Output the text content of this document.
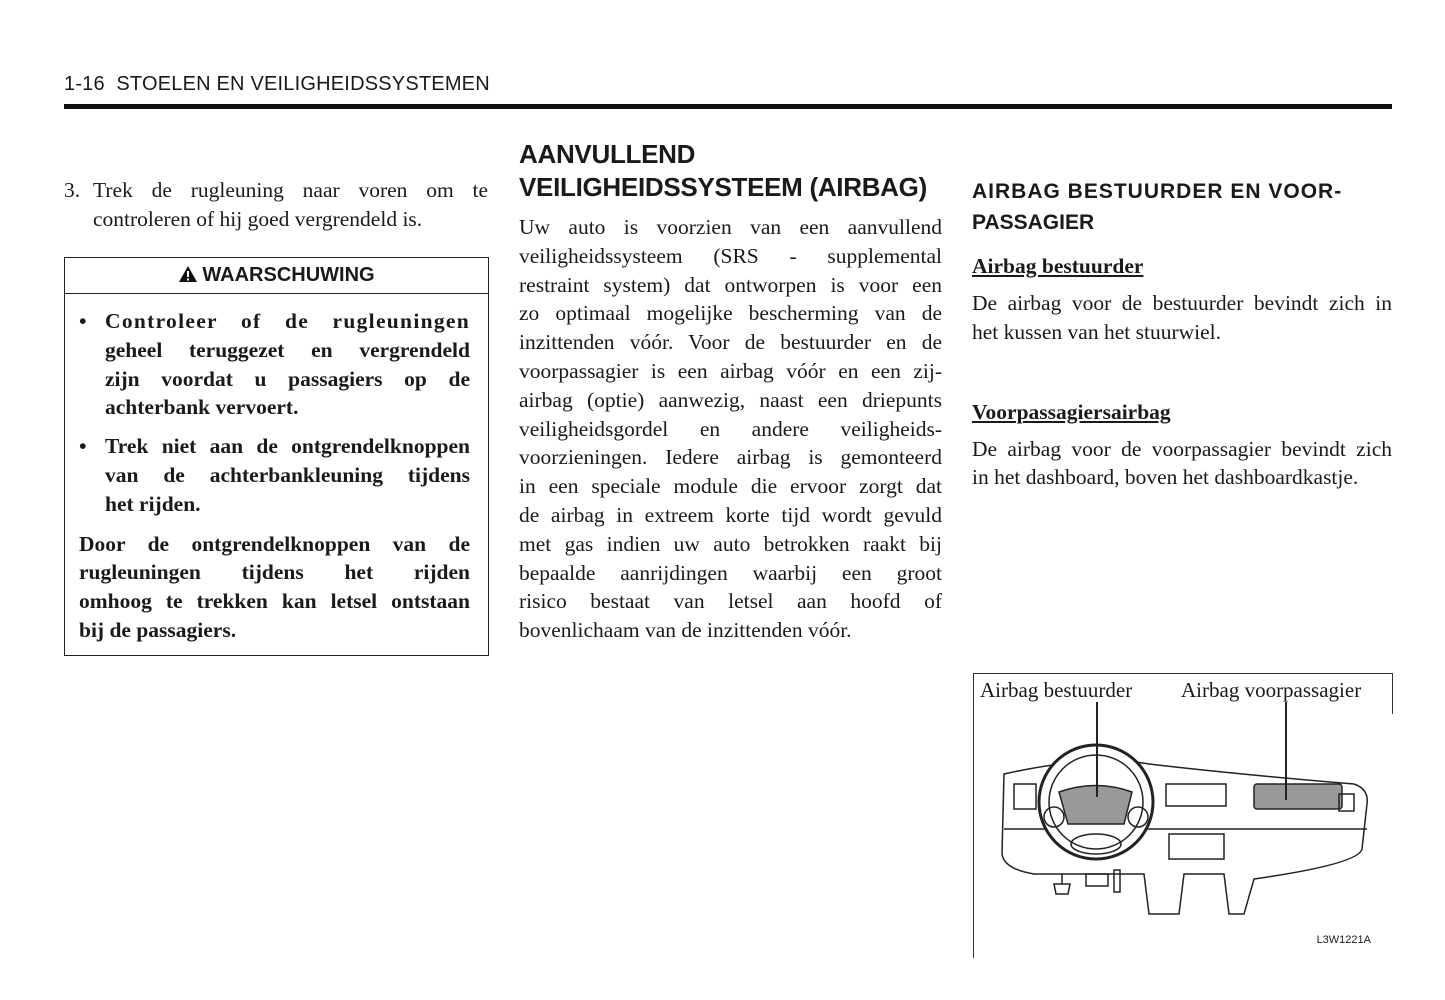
1-16 STOELEN EN VEILIGHEIDSSYSTEMEN
3. Trek de rugleuning naar voren om te
controleren of hij goed vergrendeld is.
WAARSCHUWING
• Controleer of de rugleuningen
geheel teruggezet en vergrendeld
zijn voordat u passagiers op de
achterbank vervoert.
• Trek niet aan de ontgrendelknoppen
van de achterbankleuning tijdens
het rijden.
Door de ontgrendelknoppen van de
rugleuningen tijdens het rijden
omhoog te trekken kan letsel ontstaan
bij de passagiers.
AANVULLEND
VEILIGHEIDSSYSTEEM (AIRBAG)
Uw auto is voorzien van een aanvullend
veiligheidssysteem (SRS - supplemental
restraint system) dat ontworpen is voor een
zo optimaal mogelijke bescherming van de
inzittenden vóór. Voor de bestuurder en de
voorpassagier is een airbag vóór en een zij-
airbag (optie) aanwezig, naast een driepunts
veiligheidsgordel en andere veiligheids-
voorzieningen. Iedere airbag is gemonteerd
in een speciale module die ervoor zorgt dat
de airbag in extreem korte tijd wordt gevuld
met gas indien uw auto betrokken raakt bij
bepaalde aanrijdingen waarbij een groot
risico bestaat van letsel aan hoofd of
bovenlichaam van de inzittenden vóór.
AIRBAG BESTUURDER EN VOOR-
PASSAGIER
Airbag bestuurder
De airbag voor de bestuurder bevindt zich in
het kussen van het stuurwiel.
Voorpassagiersairbag
De airbag voor de voorpassagier bevindt zich
in het dashboard, boven het dashboardkastje.
Airbag bestuurder Airbag voorpassagier
L3W1221A
